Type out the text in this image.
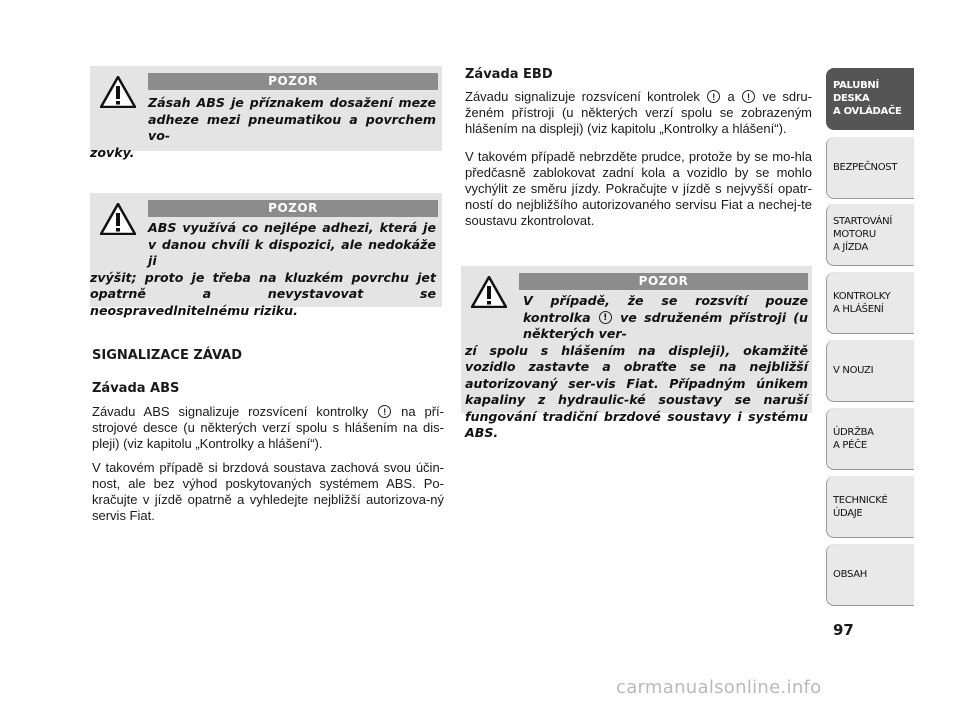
POZOR

Zásah ABS je příznakem dosažení meze adheze mezi pneumatikou a povrchem vo-
zovky.

POZOR

ABS využívá co nejlépe adhezi, která je v danou chvíli k dispozici, ale nedokáže ji
zvýšit; proto je třeba na kluzkém povrchu jet opatrně a nevystavovat se neospravedlnitelnému riziku.

SIGNALIZACE ZÁVAD
Závada ABS

Závadu ABS signalizuje rozsvícení kontrolky !	na pří-strojové desce (u některých verzí spolu s hlášením na dis-pleji) (viz kapitolu „Kontrolky a hlášení“).

V takovém případě si brzdová soustava zachová svou účin-nost, ale bez výhod poskytovaných systémem ABS. Po-kračujte v jízdě opatrně a vyhledejte nejbližší autorizova-ný servis Fiat.

Závada EBD

Závadu signalizuje rozsvícení kontrolek ! a ! ve sdru-ženém přístroji (u některých verzí spolu se zobrazeným hlášením na displeji) (viz kapitolu „Kontrolky a hlášení“).

V takovém případě nebrzděte prudce, protože by se mo-hla předčasně zablokovat zadní kola a vozidlo by se mohlo vychýlit ze směru jízdy. Pokračujte v jízdě s nejvyšší opatr-ností do nejbližšího autorizovaného servisu Fiat a nechej-te soustavu zkontrolovat.

POZOR

V případě, že se rozsvítí pouze kontrolka ! ve sdruženém přístroji (u některých ver-
zí spolu s hlášením na displeji), okamžitě vozidlo zastavte a obraťte se na nejbližší autorizovaný ser-vis Fiat. Případným únikem kapaliny z hydraulic-ké soustavy se naruší fungování tradiční brzdové soustavy i systému ABS.

PALUBNÍ DESKA
A OVLÁDAČE
BEZPEČNOST
STARTOVÁNÍ
MOTORU
A JÍZDA
KONTROLKY
A HLÁŠENÍ
V NOUZI
ÚDRŽBA
A PÉČE
TECHNICKÉ
ÚDAJE
OBSAH
97
carmanualsonline.info
